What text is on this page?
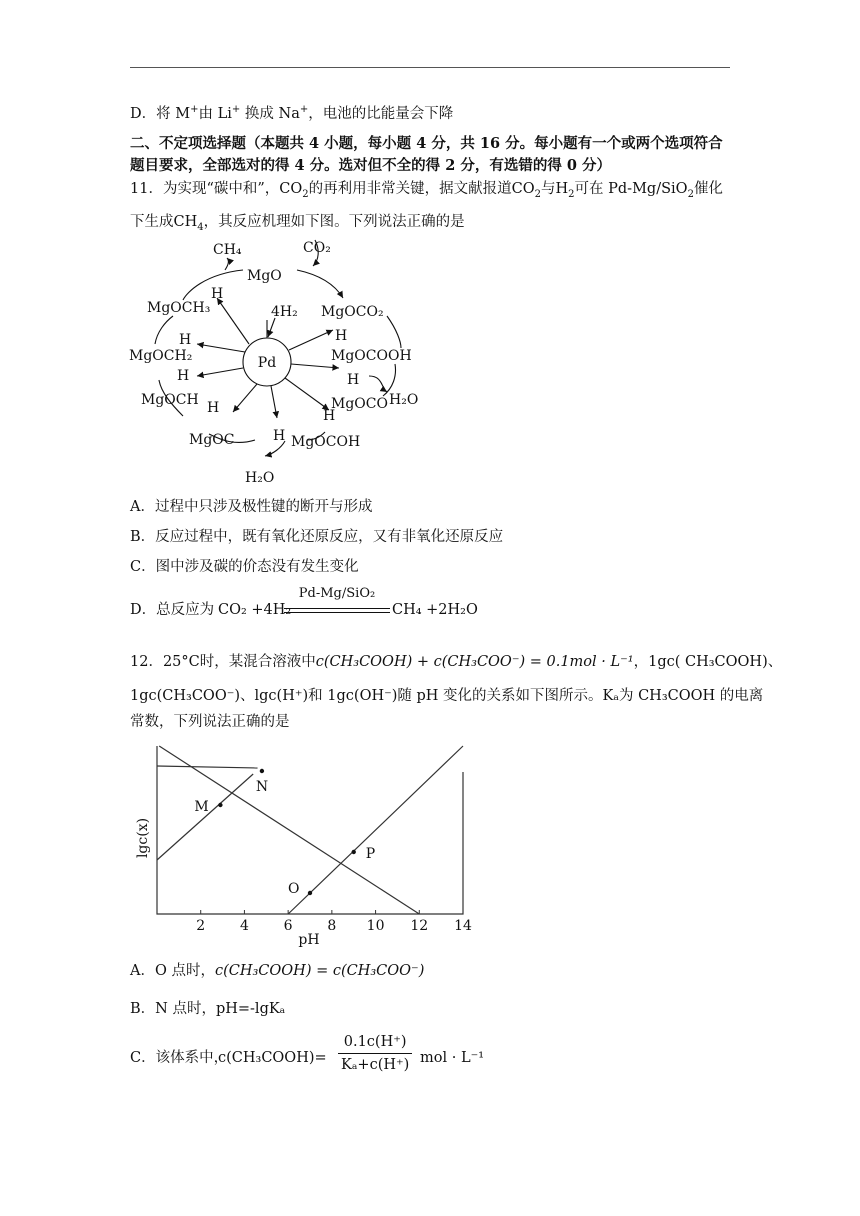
D．将 M+由 Li+ 换成 Na+，电池的比能量会下降
二、不定项选择题（本题共 4 小题，每小题 4 分，共 16 分。每小题有一个或两个选项符合
题目要求，全部选对的得 4 分。选对但不全的得 2 分，有选错的得 0 分）
11．为实现“碳中和”，$CO_2$的再利用非常关键，据文献报道$CO_2$与$H_2$可在 Pd-Mg/SiO$_2$催化
下生成$CH_4$，其反应机理如下图。下列说法正确的是
Pd
CH₄	CO₂
4H₂
MgO
MgOCO₂
MgOCOOH
MgOCO
MgOCOH
MgOC
MgOCH
MgOCH₂
MgOCH₃
H₂O
H₂O
H
H
H
H
H
H
H
H
A．过程中只涉及极性键的断开与形成
B．反应过程中，既有氧化还原反应，又有非氧化还原反应
C．图中涉及碳的价态没有发生变化
D．总反应为 CO₂ +4H₂
Pd-Mg/SiO₂
CH₄ +2H₂O
12．25°C时，某混合溶液中c(CH₃COOH) + c(CH₃COO⁻) = 0.1mol · L⁻¹，1gc( CH₃COOH)、
1gc(CH₃COO⁻)、lgc(H⁺)和 1gc(OH⁻)随 pH 变化的关系如下图所示。Kₐ为 CH₃COOH 的电离
常数，下列说法正确的是
2 4 6 8 10 12 14
M
N
O
P
lgc(x)
pH
A．O 点时，c(CH₃COOH) = c(CH₃COO⁻)
B．N 点时，pH=-lgKₐ
C．该体系中，
c(CH₃COOH)= $\frac{0.1c(H^+)}{\text{Kₐ+c(H⁺)}}$ mol · L⁻¹
